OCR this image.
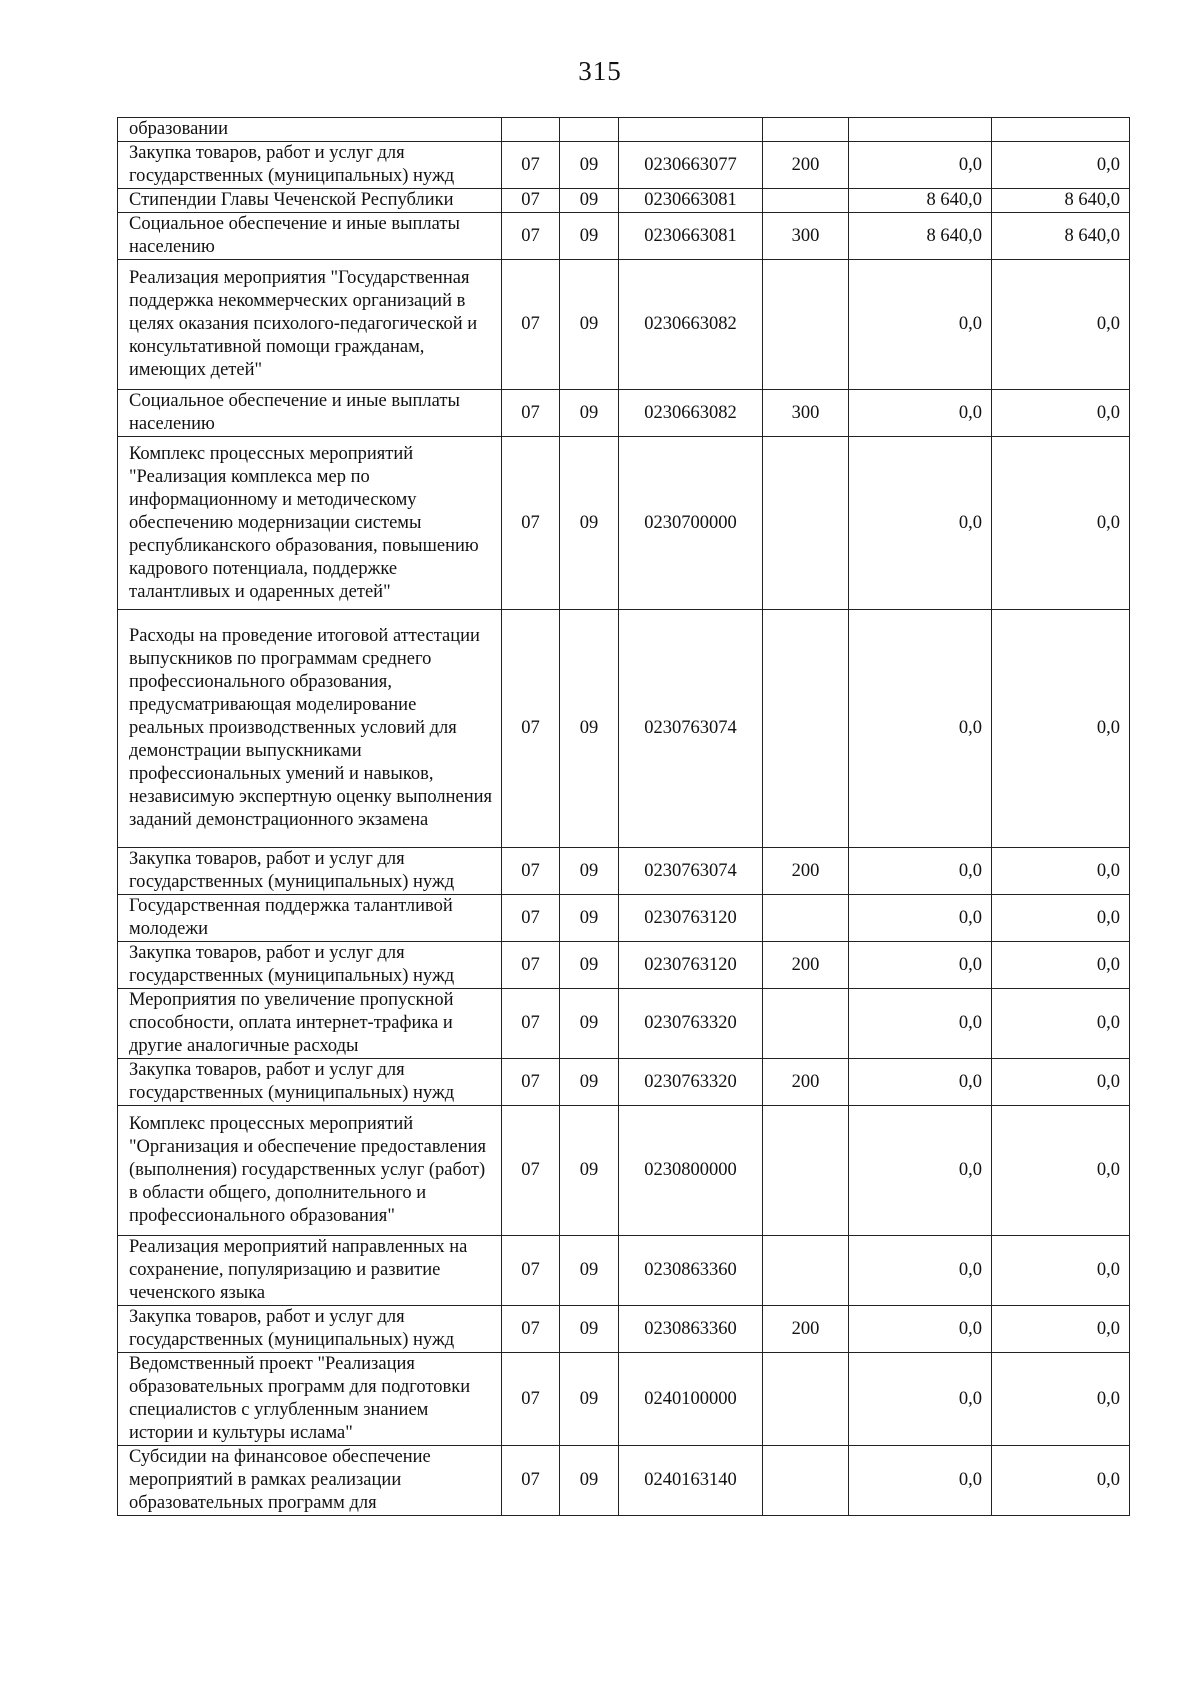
315
образовании						
Закупка товаров, работ и услуг для государственных (муниципальных) нужд	07	09	0230663077	200	0,0	0,0
Стипендии Главы Чеченской Республики	07	09	0230663081		8 640,0	8 640,0
Социальное обеспечение и иные выплаты населению	07	09	0230663081	300	8 640,0	8 640,0
Реализация мероприятия "Государственная поддержка некоммерческих организаций в целях оказания психолого-педагогической и консультативной помощи гражданам, имеющих детей"	07	09	0230663082		0,0	0,0
Социальное обеспечение и иные выплаты населению	07	09	0230663082	300	0,0	0,0
Комплекс процессных мероприятий "Реализация комплекса мер по информационному и методическому обеспечению модернизации системы республиканского образования, повышению кадрового потенциала, поддержке талантливых и одаренных детей"	07	09	0230700000		0,0	0,0
Расходы на проведение итоговой аттестации выпускников по программам среднего профессионального образования, предусматривающая моделирование реальных производственных условий для демонстрации выпускниками профессиональных умений и навыков, независимую экспертную оценку выполнения заданий демонстрационного экзамена	07	09	0230763074		0,0	0,0
Закупка товаров, работ и услуг для государственных (муниципальных) нужд	07	09	0230763074	200	0,0	0,0
Государственная поддержка талантливой молодежи	07	09	0230763120		0,0	0,0
Закупка товаров, работ и услуг для государственных (муниципальных) нужд	07	09	0230763120	200	0,0	0,0
Мероприятия по увеличение пропускной способности, оплата интернет-трафика и другие аналогичные расходы	07	09	0230763320		0,0	0,0
Закупка товаров, работ и услуг для государственных (муниципальных) нужд	07	09	0230763320	200	0,0	0,0
Комплекс процессных мероприятий "Организация и обеспечение предоставления (выполнения) государственных услуг (работ) в области общего, дополнительного и профессионального образования"	07	09	0230800000		0,0	0,0
Реализация мероприятий направленных на сохранение, популяризацию и развитие чеченского языка	07	09	0230863360		0,0	0,0
Закупка товаров, работ и услуг для государственных (муниципальных) нужд	07	09	0230863360	200	0,0	0,0
Ведомственный проект "Реализация образовательных программ для подготовки специалистов с углубленным знанием истории и культуры ислама"	07	09	0240100000		0,0	0,0
Субсидии на финансовое обеспечение мероприятий в рамках реализации образовательных программ для	07	09	0240163140		0,0	0,0
